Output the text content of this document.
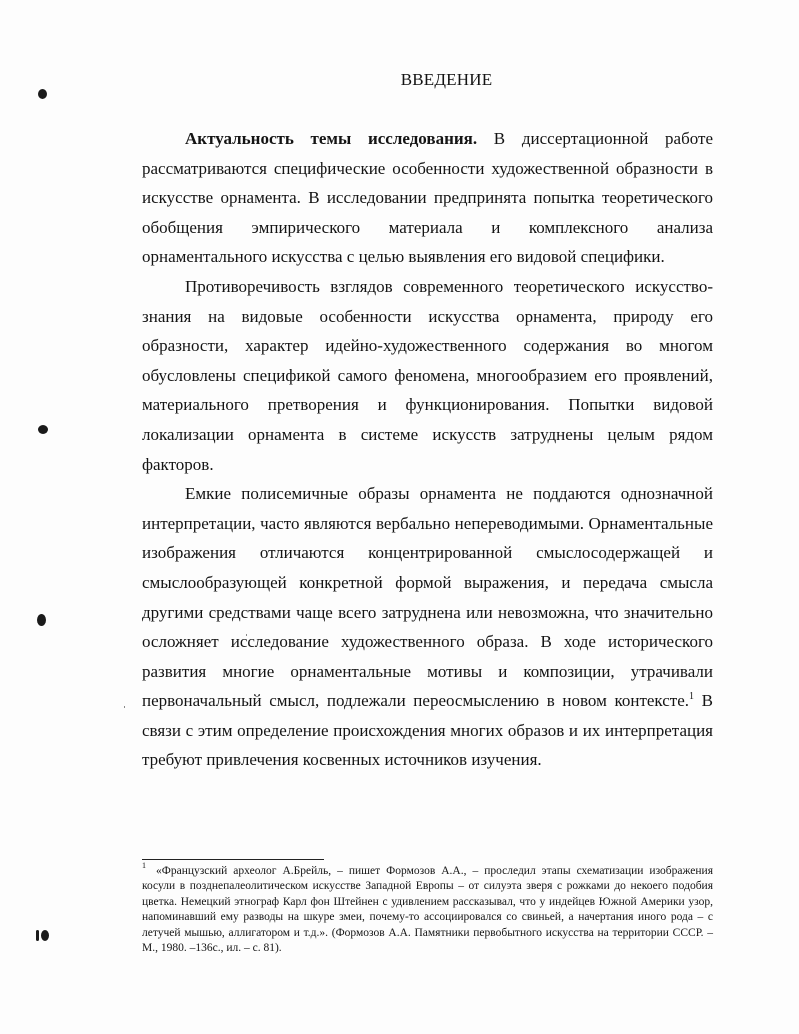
ВВЕДЕНИЕ

Актуальность темы исследования. В диссертационной работе рассматриваются специфические особенности художественной образности в искусстве орнамента. В исследовании предпринята попытка теоретического обобщения эмпирического материала и комплексного анализа орнаментального искусства с целью выявления его видовой специфики.

Противоречивость взглядов современного теоретического искусство-знания на видовые особенности искусства орнамента, природу его образности, характер идейно-художественного содержания во многом обусловлены спецификой самого феномена, многообразием его проявлений, материального претворения и функционирования. Попытки видовой локализации орнамента в системе искусств затруднены целым рядом факторов.

Емкие полисемичные образы орнамента не поддаются однозначной интерпретации, часто являются вербально непереводимыми. Орнаментальные изображения отличаются концентрированной смыслосодержащей и смыслообразующей конкретной формой выражения, и передача смысла другими средствами чаще всего затруднена или невозможна, что значительно осложняет исследование художественного образа. В ходе исторического развития многие орнаментальные мотивы и композиции, утрачивали первоначальный смысл, подлежали переосмыслению в новом контексте.$^1$ В связи с этим определение происхождения многих образов и их интерпретация требуют привлечения косвенных источников изучения.

$^1$ «Французский археолог А.Брейль, – пишет Формозов А.А., – проследил этапы схематизации изображения косули в позднепалеолитическом искусстве Западной Европы – от силуэта зверя с рожками до некоего подобия цветка. Немецкий этнограф Карл фон Штейнен с удивлением рассказывал, что у индейцев Южной Америки узор, напоминавший ему разводы на шкуре змеи, почему-то ассоциировался со свиньей, а начертания иного рода – с летучей мышью, аллигатором и т.д.». (Формозов А.А. Памятники первобытного искусства на территории СССР. – М., 1980. –136с., ил. – с. 81).
